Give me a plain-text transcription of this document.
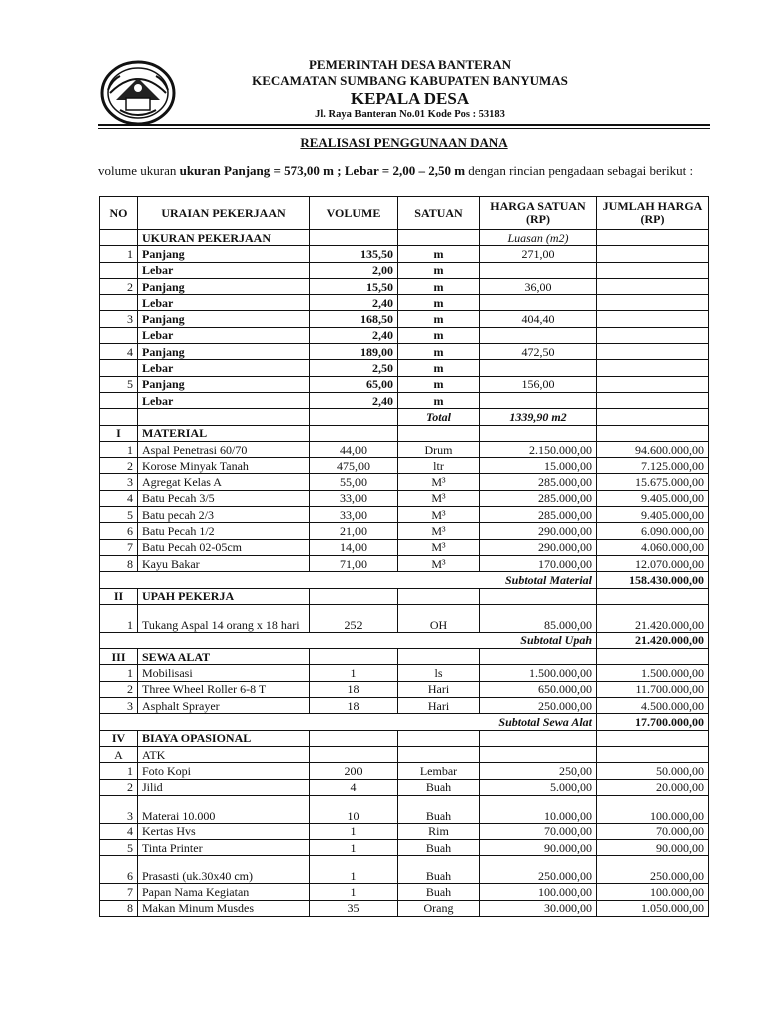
PEMERINTAH DESA BANTERAN
KECAMATAN SUMBANG KABUPATEN BANYUMAS
KEPALA DESA
Jl. Raya Banteran No.01 Kode Pos : 53183
REALISASI PENGGUNAAN DANA
volume ukuran ukuran Panjang = 573,00 m ; Lebar = 2,00 – 2,50 m dengan rincian pengadaan sebagai berikut :
NO	URAIAN PEKERJAAN	VOLUME	SATUAN	HARGA SATUAN (RP)	JUMLAH HARGA (RP)
	UKURAN PEKERJAAN			Luasan (m2)	
1	Panjang	135,50	m	271,00	
	Lebar	2,00	m		
2	Panjang	15,50	m	36,00	
	Lebar	2,40	m		
3	Panjang	168,50	m	404,40	
	Lebar	2,40	m		
4	Panjang	189,00	m	472,50	
	Lebar	2,50	m		
5	Panjang	65,00	m	156,00	
	Lebar	2,40	m		
			Total	1339,90 m2	
I	MATERIAL				
1	Aspal Penetrasi 60/70	44,00	Drum	2.150.000,00	94.600.000,00
2	Korose Minyak Tanah	475,00	ltr	15.000,00	7.125.000,00
3	Agregat Kelas A	55,00	M³	285.000,00	15.675.000,00
4	Batu Pecah 3/5	33,00	M³	285.000,00	9.405.000,00
5	Batu pecah 2/3	33,00	M³	285.000,00	9.405.000,00
6	Batu Pecah 1/2	21,00	M³	290.000,00	6.090.000,00
7	Batu Pecah 02-05cm	14,00	M³	290.000,00	4.060.000,00
8	Kayu Bakar	71,00	M³	170.000,00	12.070.000,00
Subtotal Material					158.430.000,00
II	UPAH PEKERJA				
1	Tukang Aspal 14 orang x 18 hari	252	OH	85.000,00	21.420.000,00
Subtotal Upah					21.420.000,00
III	SEWA ALAT				
1	Mobilisasi	1	ls	1.500.000,00	1.500.000,00
2	Three Wheel Roller 6-8 T	18	Hari	650.000,00	11.700.000,00
3	Asphalt Sprayer	18	Hari	250.000,00	4.500.000,00
Subtotal Sewa Alat					17.700.000,00
IV	BIAYA OPASIONAL				
A	ATK				
1	Foto Kopi	200	Lembar	250,00	50.000,00
2	Jilid	4	Buah	5.000,00	20.000,00
3	Materai 10.000	10	Buah	10.000,00	100.000,00
4	Kertas Hvs	1	Rim	70.000,00	70.000,00
5	Tinta Printer	1	Buah	90.000,00	90.000,00
6	Prasasti (uk.30x40 cm)	1	Buah	250.000,00	250.000,00
7	Papan Nama Kegiatan	1	Buah	100.000,00	100.000,00
8	Makan Minum Musdes	35	Orang	30.000,00	1.050.000,00
